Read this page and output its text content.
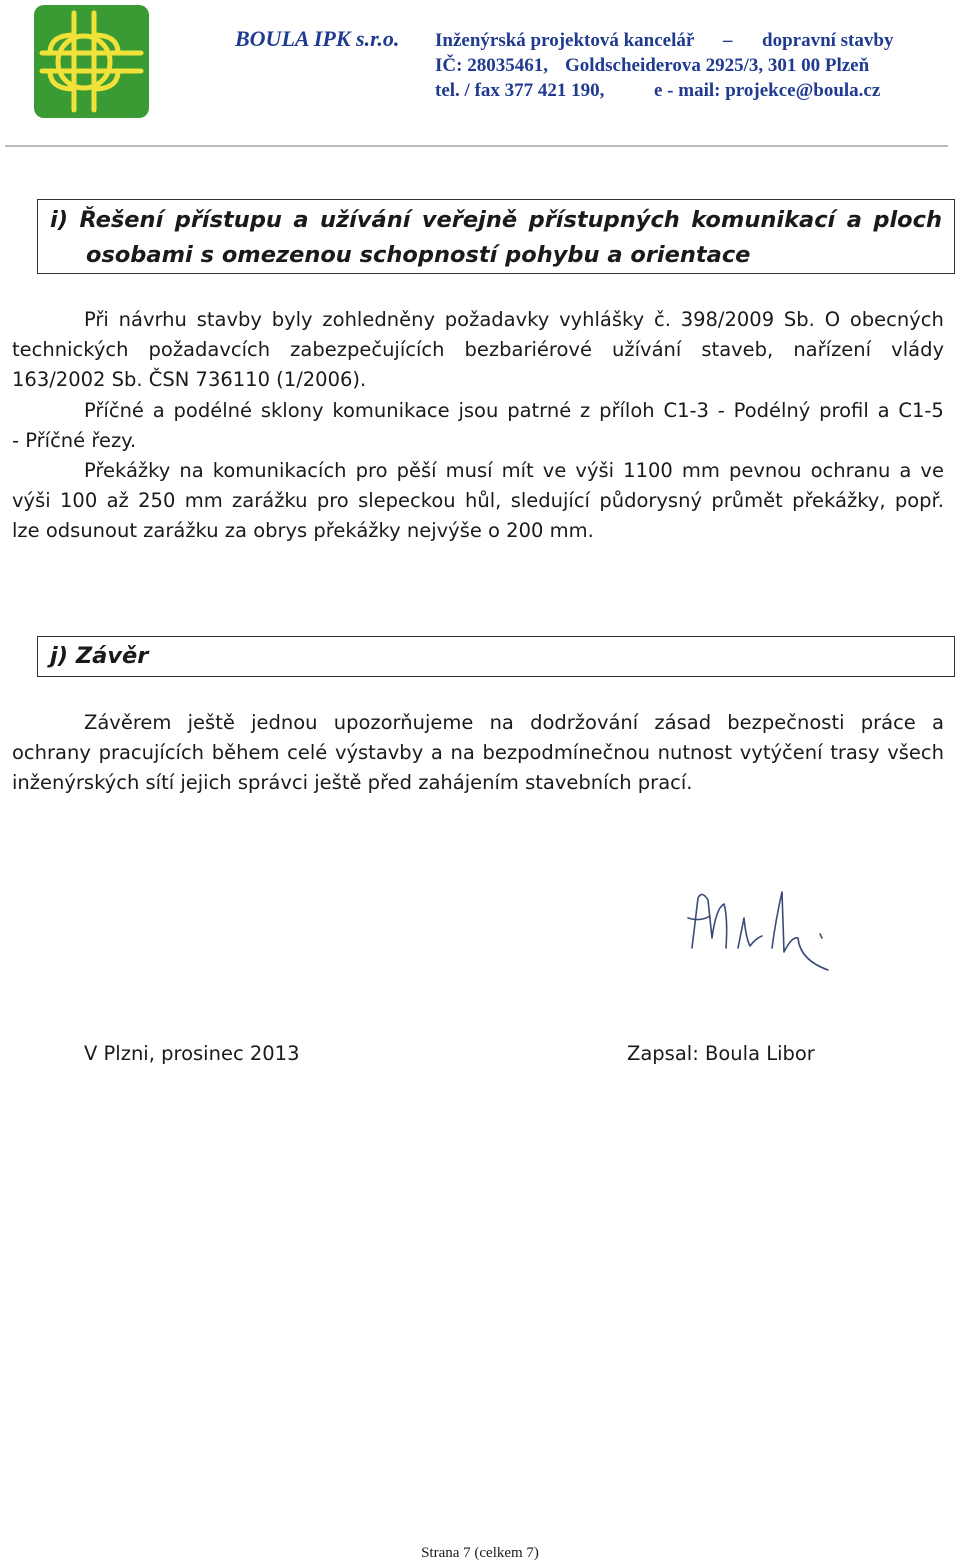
BOULA IPK s.r.o. Inženýrská projektová kancelář – dopravní stavby
IČ: 28035461, Goldscheiderova 2925/3, 301 00 Plzeň
tel. / fax 377 421 190,	e - mail: projekce@boula.cz
i) Řešení přístupu a užívání veřejně přístupných komunikací a ploch
osobami s omezenou schopností pohybu a orientace
Při návrhu stavby byly zohledněny požadavky vyhlášky č. 398/2009 Sb. O obecných
technických požadavcích zabezpečujících bezbariérové užívání staveb, nařízení vlády
163/2002 Sb. ČSN 736110 (1/2006).
Příčné a podélné sklony komunikace jsou patrné z příloh C1-3 - Podélný profil a C1-5
- Příčné řezy.
Překážky na komunikacích pro pěší musí mít ve výši 1100 mm pevnou ochranu a ve
výši 100 až 250 mm zarážku pro slepeckou hůl, sledující půdorysný průmět překážky, popř.
lze odsunout zarážku za obrys překážky nejvýše o 200 mm.
j) Závěr
Závěrem ještě jednou upozorňujeme na dodržování zásad bezpečnosti práce a
ochrany pracujících během celé výstavby a na bezpodmínečnou nutnost vytýčení trasy všech
inženýrských sítí jejich správci ještě před zahájením stavebních prací.
V Plzni, prosinec 2013	Zapsal: Boula Libor
Strana 7 (celkem 7)
